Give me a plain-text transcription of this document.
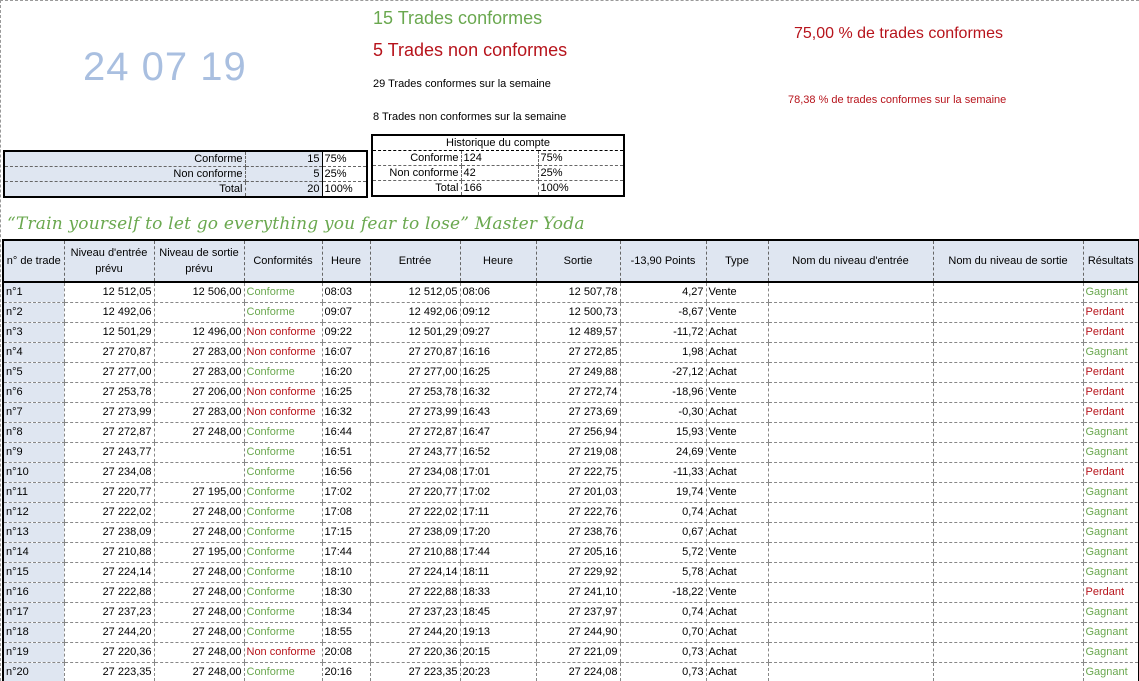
24 07 19
15 Trades conformes
5 Trades non conformes
75,00 % de trades conformes
29 Trades conformes sur la semaine
8 Trades non conformes sur la semaine
78,38 % de trades conformes sur la semaine
Conforme	15	75%
Non conforme	5	25%
Total	20	100%
Historique du compte		
Conforme	124	75%
Non conforme	42	25%
Total	166	100%
“Train yourself to let go everything you fear to lose” Master Yoda
n° de trade	Niveau d'entrée prévu	Niveau de sortie prévu	Conformités	Heure	Entrée	Heure	Sortie	-13,90 Points	Type	Nom du niveau d'entrée	Nom du niveau de sortie	Résultats
n°1	12 512,05	12 506,00	Conforme	08:03	12 512,05	08:06	12 507,78	4,27	Vente			Gagnant
n°2	12 492,06		Conforme	09:07	12 492,06	09:12	12 500,73	-8,67	Vente			Perdant
n°3	12 501,29	12 496,00	Non conforme	09:22	12 501,29	09:27	12 489,57	-11,72	Achat			Perdant
n°4	27 270,87	27 283,00	Non conforme	16:07	27 270,87	16:16	27 272,85	1,98	Achat			Gagnant
n°5	27 277,00	27 283,00	Conforme	16:20	27 277,00	16:25	27 249,88	-27,12	Achat			Perdant
n°6	27 253,78	27 206,00	Non conforme	16:25	27 253,78	16:32	27 272,74	-18,96	Vente			Perdant
n°7	27 273,99	27 283,00	Non conforme	16:32	27 273,99	16:43	27 273,69	-0,30	Achat			Perdant
n°8	27 272,87	27 248,00	Conforme	16:44	27 272,87	16:47	27 256,94	15,93	Vente			Gagnant
n°9	27 243,77		Conforme	16:51	27 243,77	16:52	27 219,08	24,69	Vente			Gagnant
n°10	27 234,08		Conforme	16:56	27 234,08	17:01	27 222,75	-11,33	Achat			Perdant
n°11	27 220,77	27 195,00	Conforme	17:02	27 220,77	17:02	27 201,03	19,74	Vente			Gagnant
n°12	27 222,02	27 248,00	Conforme	17:08	27 222,02	17:11	27 222,76	0,74	Achat			Gagnant
n°13	27 238,09	27 248,00	Conforme	17:15	27 238,09	17:20	27 238,76	0,67	Achat			Gagnant
n°14	27 210,88	27 195,00	Conforme	17:44	27 210,88	17:44	27 205,16	5,72	Vente			Gagnant
n°15	27 224,14	27 248,00	Conforme	18:10	27 224,14	18:11	27 229,92	5,78	Achat			Gagnant
n°16	27 222,88	27 248,00	Conforme	18:30	27 222,88	18:33	27 241,10	-18,22	Vente			Perdant
n°17	27 237,23	27 248,00	Conforme	18:34	27 237,23	18:45	27 237,97	0,74	Achat			Gagnant
n°18	27 244,20	27 248,00	Conforme	18:55	27 244,20	19:13	27 244,90	0,70	Achat			Gagnant
n°19	27 220,36	27 248,00	Non conforme	20:08	27 220,36	20:15	27 221,09	0,73	Achat			Gagnant
n°20	27 223,35	27 248,00	Conforme	20:16	27 223,35	20:23	27 224,08	0,73	Achat			Gagnant
